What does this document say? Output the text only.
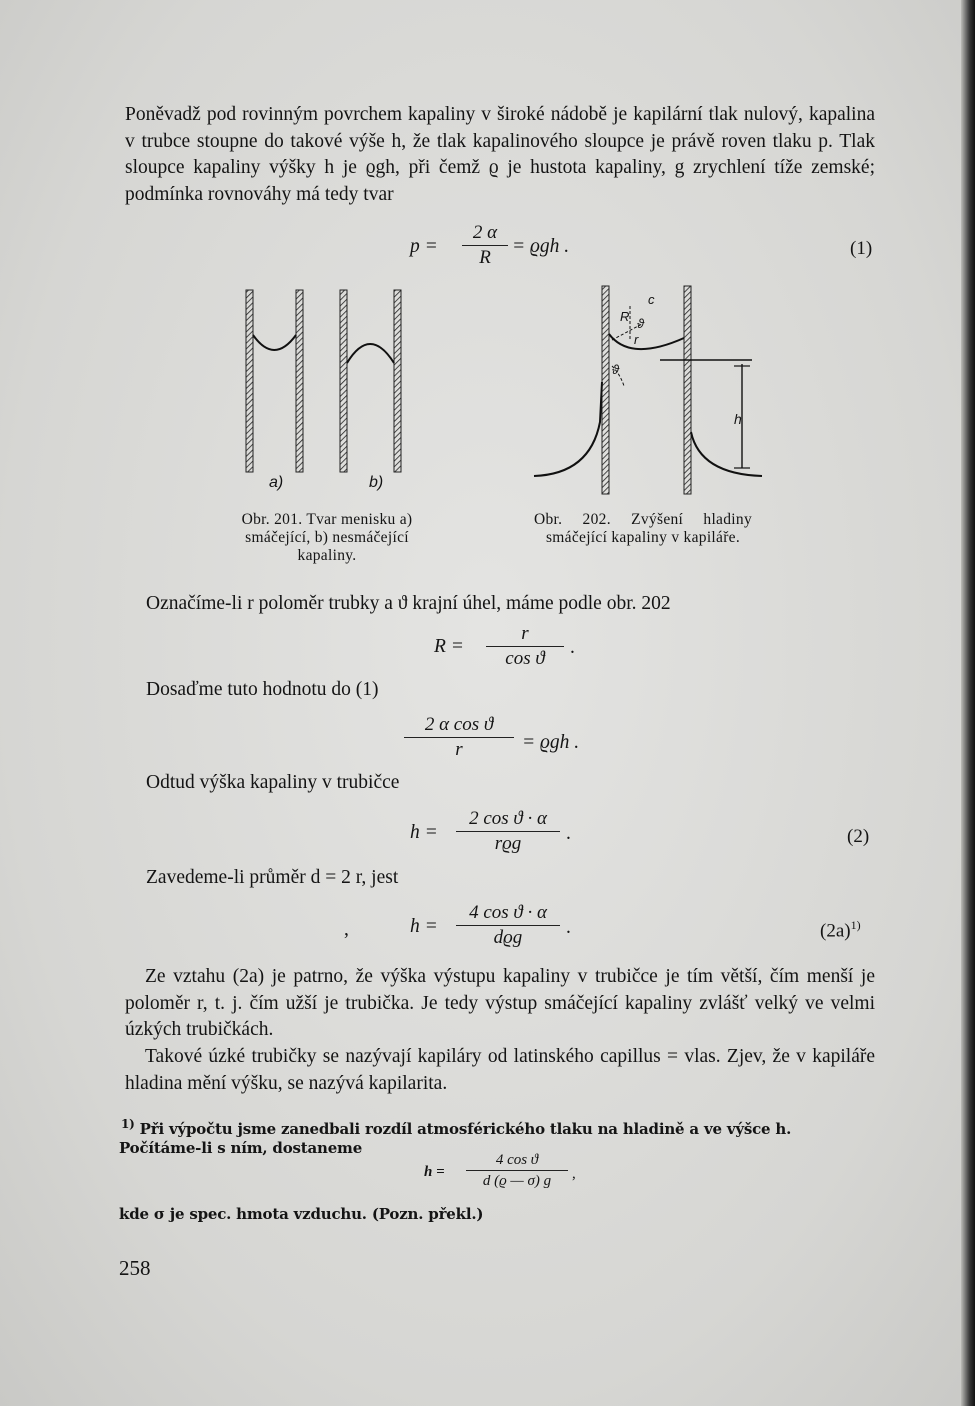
Poněvadž pod rovinným povrchem kapaliny v široké nádobě je kapilární tlak nulový, kapalina v trubce stoupne do takové výše h, že tlak kapalinového sloupce je právě roven tlaku p. Tlak sloupce kapaliny výšky h je ϱgh, při čemž ϱ je hustota kapaliny, g zrychlení tíže zemské; podmínka rovnováhy má tedy tvar

p =
2 α
R
= ϱgh .	(1)
a)	b)
Obr. 201. Tvar menisku a) smáčející, b) nesmáčející kapaliny.
c
R ϑ
r
ϑ
h
Obr. 202. Zvýšení hladiny smáčející kapaliny v kapiláře.
Označíme-li r poloměr trubky a ϑ krajní úhel, máme podle obr. 202
R =
r
cos ϑ
.
Dosaďme tuto hodnotu do (1)
2 α cos ϑ
r	= ϱgh .
Odtud výška kapaliny v trubičce
h =
2 cos ϑ · α
rϱg	.	(2)
Zavedeme-li průměr d = 2 r, jest
,	h =
4 cos ϑ · α
dϱg	.	$(2a)^{1)}$

Ze vztahu (2a) je patrno, že výška výstupu kapaliny v trubičce je tím větší, čím menší je poloměr r, t. j. čím užší je trubička. Je tedy výstup smáčející kapaliny zvlášť velký ve velmi úzkých trubičkách.

Takové úzké trubičky se nazývají kapiláry od latinského capillus = vlas. Zjev, že v kapiláře hladina mění výšku, se nazývá kapilarita.

$^{1)}$ Při výpočtu jsme zanedbali rozdíl atmosférického tlaku na hladině a ve výšce h. Počítáme-li s ním, dostaneme

h =
4 cos ϑ
d (ϱ — σ) g	,
kde σ je spec. hmota vzduchu. (Pozn. překl.)
258
